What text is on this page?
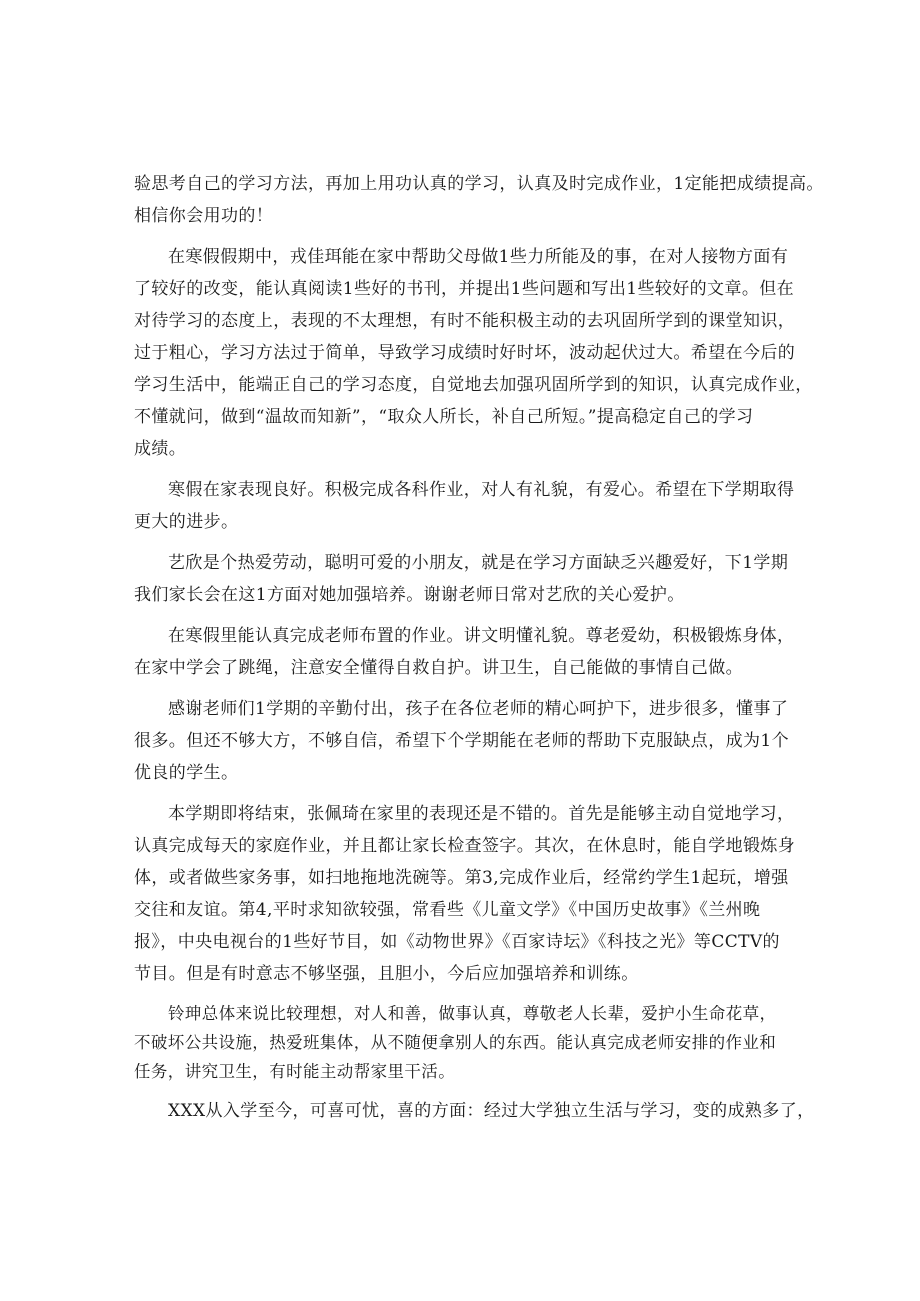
验思考自己的学习方法，再加上用功认真的学习，认真及时完成作业，1定能把成绩提高。
相信你会用功的！
在寒假假期中，戎佳珥能在家中帮助父母做1些力所能及的事，在对人接物方面有
了较好的改变，能认真阅读1些好的书刊，并提出1些问题和写出1些较好的文章。但在
对待学习的态度上，表现的不太理想，有时不能积极主动的去巩固所学到的课堂知识，
过于粗心，学习方法过于简单，导致学习成绩时好时坏，波动起伏过大。希望在今后的
学习生活中，能端正自己的学习态度，自觉地去加强巩固所学到的知识，认真完成作业，
不懂就问，做到“温故而知新”，“取众人所长，补自己所短。”提高稳定自己的学习
成绩。
寒假在家表现良好。积极完成各科作业，对人有礼貌，有爱心。希望在下学期取得
更大的进步。
艺欣是个热爱劳动，聪明可爱的小朋友，就是在学习方面缺乏兴趣爱好，下1学期
我们家长会在这1方面对她加强培养。谢谢老师日常对艺欣的关心爱护。
在寒假里能认真完成老师布置的作业。讲文明懂礼貌。尊老爱幼，积极锻炼身体，
在家中学会了跳绳，注意安全懂得自救自护。讲卫生，自己能做的事情自己做。
感谢老师们1学期的辛勤付出，孩子在各位老师的精心呵护下，进步很多，懂事了
很多。但还不够大方，不够自信，希望下个学期能在老师的帮助下克服缺点，成为1个
优良的学生。
本学期即将结束，张佩琦在家里的表现还是不错的。首先是能够主动自觉地学习，
认真完成每天的家庭作业，并且都让家长检查签字。其次，在休息时，能自学地锻炼身
体，或者做些家务事，如扫地拖地洗碗等。第3,完成作业后，经常约学生1起玩，增强
交往和友谊。第4,平时求知欲较强，常看些《儿童文学》《中国历史故事》《兰州晚
报》，中央电视台的1些好节目，如《动物世界》《百家诗坛》《科技之光》等CCTV的
节目。但是有时意志不够坚强，且胆小，今后应加强培养和训练。
铃珅总体来说比较理想，对人和善，做事认真，尊敬老人长辈，爱护小生命花草，
不破坏公共设施，热爱班集体，从不随便拿别人的东西。能认真完成老师安排的作业和
任务，讲究卫生，有时能主动帮家里干活。
XXX从入学至今，可喜可忧，喜的方面：经过大学独立生活与学习，变的成熟多了，
